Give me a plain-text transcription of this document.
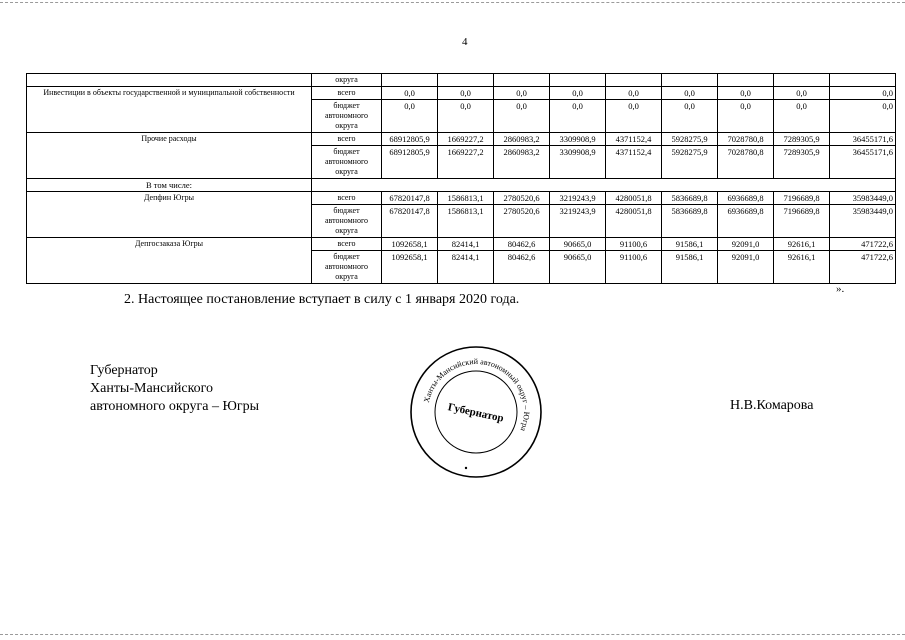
4
	округа									
Инвестиции в объекты государственной и муниципальной собственности	всего	0,0	0,0	0,0	0,0	0,0	0,0	0,0	0,0	0,0
	бюджет автономного округа	0,0	0,0	0,0	0,0	0,0	0,0	0,0	0,0	0,0
Прочие расходы	всего	68912805,9	1669227,2	2860983,2	3309908,9	4371152,4	5928275,9	7028780,8	7289305,9	36455171,6
	бюджет автономного округа	68912805,9	1669227,2	2860983,2	3309908,9	4371152,4	5928275,9	7028780,8	7289305,9	36455171,6
В том числе:										
Депфин Югры	всего	67820147,8	1586813,1	2780520,6	3219243,9	4280051,8	5836689,8	6936689,8	7196689,8	35983449,0
	бюджет автономного округа	67820147,8	1586813,1	2780520,6	3219243,9	4280051,8	5836689,8	6936689,8	7196689,8	35983449,0
Депгосзаказа Югры	всего	1092658,1	82414,1	80462,6	90665,0	91100,6	91586,1	92091,0	92616,1	471722,6
	бюджет автономного округа	1092658,1	82414,1	80462,6	90665,0	91100,6	91586,1	92091,0	92616,1	471722,6
».
2. Настоящее постановление вступает в силу с 1 января 2020 года.
Губернатор
Ханты-Мансийского
автономного округа – Югры	Ханты-Мансийский автономный округ – Югра
Губернатор	Н.В.Комарова
